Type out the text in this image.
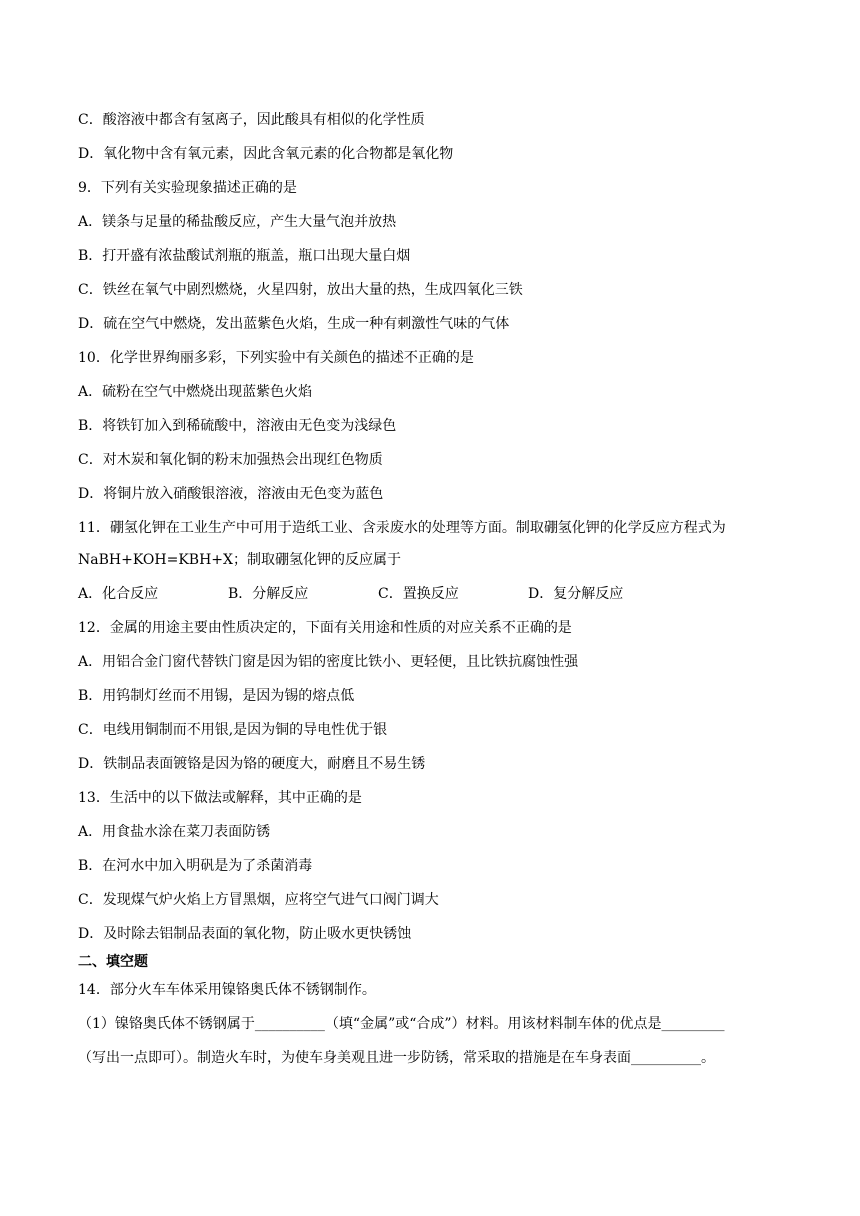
C．酸溶液中都含有氢离子，因此酸具有相似的化学性质
D．氧化物中含有氧元素，因此含氧元素的化合物都是氧化物
9．下列有关实验现象描述正确的是
A．镁条与足量的稀盐酸反应，产生大量气泡并放热
B．打开盛有浓盐酸试剂瓶的瓶盖，瓶口出现大量白烟
C．铁丝在氧气中剧烈燃烧，火星四射，放出大量的热，生成四氧化三铁
D．硫在空气中燃烧，发出蓝紫色火焰，生成一种有刺激性气味的气体
10．化学世界绚丽多彩，下列实验中有关颜色的描述不正确的是
A．硫粉在空气中燃烧出现蓝紫色火焰
B．将铁钉加入到稀硫酸中，溶液由无色变为浅绿色
C．对木炭和氧化铜的粉末加强热会出现红色物质
D．将铜片放入硝酸银溶液，溶液由无色变为蓝色
11．硼氢化钾在工业生产中可用于造纸工业、含汞废水的处理等方面。制取硼氢化钾的化学反应方程式为
NaBH+KOH=KBH+X；制取硼氢化钾的反应属于
A．化合反应	B．分解反应	C．置换反应	D．复分解反应
12．金属的用途主要由性质决定的，下面有关用途和性质的对应关系不正确的是
A．用铝合金门窗代替铁门窗是因为铝的密度比铁小、更轻便，且比铁抗腐蚀性强
B．用钨制灯丝而不用锡，是因为锡的熔点低
C．电线用铜制而不用银,是因为铜的导电性优于银
D．铁制品表面镀铬是因为铬的硬度大，耐磨且不易生锈
13．生活中的以下做法或解释，其中正确的是
A．用食盐水涂在菜刀表面防锈
B．在河水中加入明矾是为了杀菌消毒
C．发现煤气炉火焰上方冒黑烟，应将空气进气口阀门调大
D．及时除去铝制品表面的氧化物，防止吸水更快锈蚀
二、填空题
14．部分火车车体采用镍铬奥氏体不锈钢制作。
（1）镍铬奥氏体不锈钢属于__________（填“金属”或“合成”）材料。用该材料制车体的优点是_________
（写出一点即可）。制造火车时，为使车身美观且进一步防锈，常采取的措施是在车身表面__________。
